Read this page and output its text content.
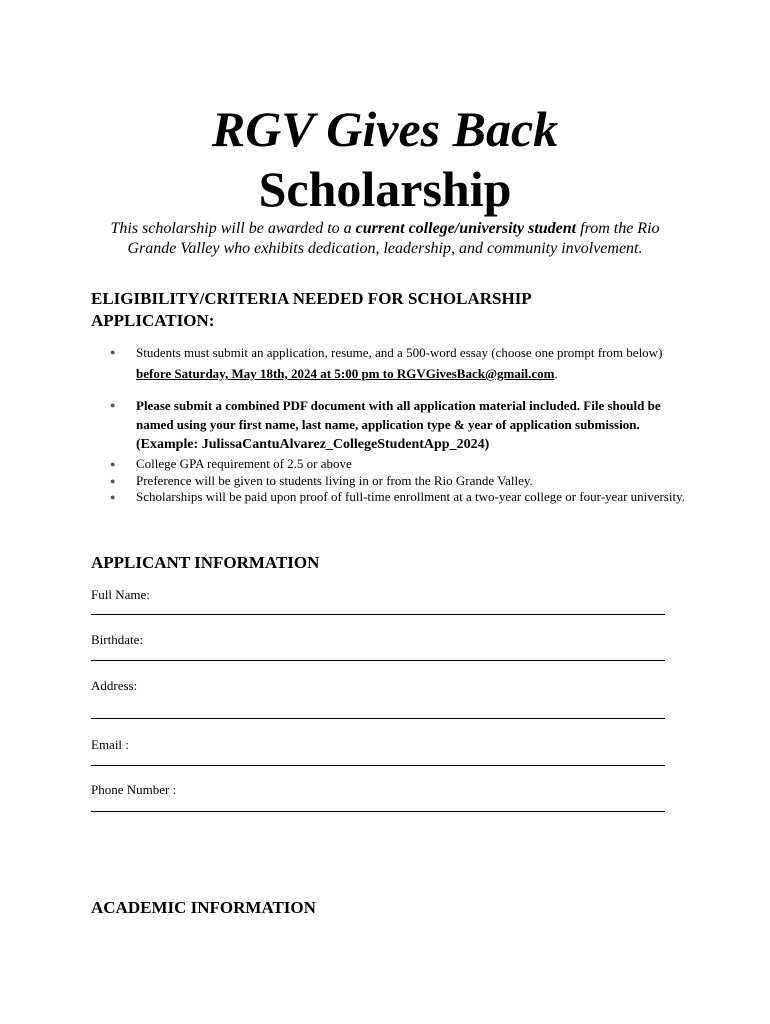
RGV Gives Back
Scholarship
This scholarship will be awarded to a current college/university student from the Rio Grande Valley who exhibits dedication, leadership, and community involvement.
ELIGIBILITY/CRITERIA NEEDED FOR SCHOLARSHIP
APPLICATION:
● Students must submit an application, resume, and a 500-word essay (choose one prompt from below) before Saturday, May 18th, 2024 at 5:00 pm to RGVGivesBack@gmail.com.
● Please submit a combined PDF document with all application material included. File should be named using your first name, last name, application type & year of application submission. (Example: JulissaCantuAlvarez_CollegeStudentApp_2024)
● College GPA requirement of 2.5 or above
● Preference will be given to students living in or from the Rio Grande Valley.
● Scholarships will be paid upon proof of full-time enrollment at a two-year college or four-year university.
APPLICANT INFORMATION
Full Name:
Birthdate:
Address:
Email :
Phone Number :
ACADEMIC INFORMATION
